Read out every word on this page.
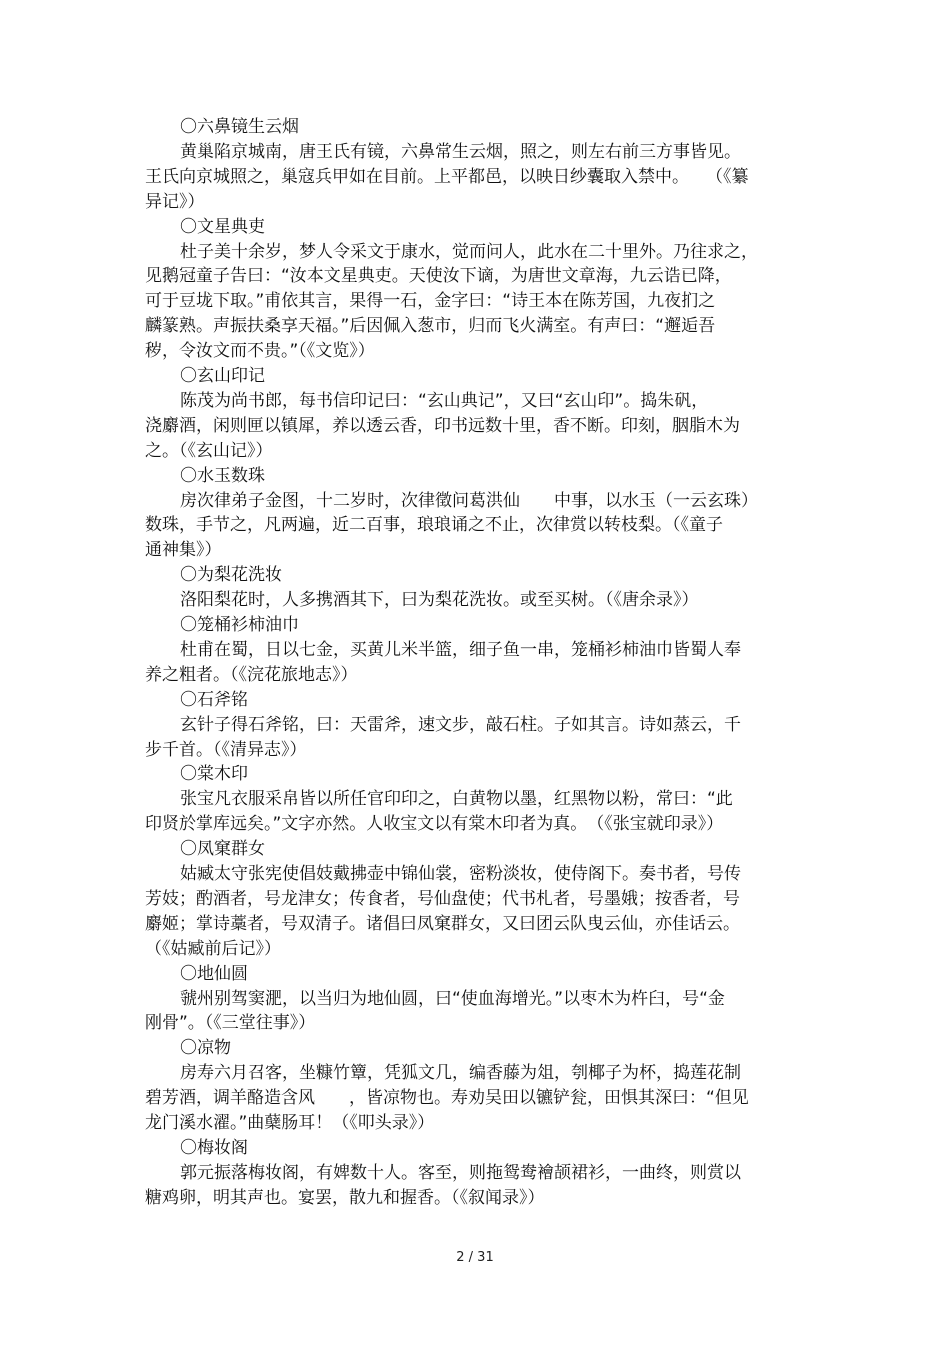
〇六鼻镜生云烟
黄巢陷京城南，唐王氏有镜，六鼻常生云烟，照之，则左右前三方事皆见。
王氏向京城照之，巢寇兵甲如在目前。上平都邑，以映日纱囊取入禁中。　　（《纂
异记》）
〇文星典吏
杜子美十余岁，梦人令采文于康水，觉而问人，此水在二十里外。乃往求之，
见鹅冠童子告曰：“汝本文星典吏。天使汝下谪，为唐世文章海，九云诰已降，
可于豆垅下取。”甫依其言，果得一石，金字曰：“诗王本在陈芳国，九夜扪之
麟篆熟。声振扶桑享天福。”后因佩入葱市，归而飞火满室。有声曰：“邂逅吾
秽，令汝文而不贵。”（《文览》）
〇玄山印记
陈茂为尚书郎，每书信印记曰：“玄山典记”，又曰“玄山印”。捣朱矾，
浇麝酒，闲则匣以镇犀，养以透云香，印书远数十里，香不断。印刻，胭脂木为
之。（《玄山记》）
〇水玉数珠
房次律弟子金图，十二岁时，次律徵问葛洪仙　　中事，以水玉（一云玄珠）
数珠，手节之，凡两遍，近二百事，琅琅诵之不止，次律赏以转枝梨。（《童子
通神集》）
〇为梨花洗妆
洛阳梨花时，人多携酒其下，曰为梨花洗妆。或至买树。（《唐余录》）
〇笼桶衫柿油巾
杜甫在蜀，日以七金，买黄儿米半篮，细子鱼一串，笼桶衫柿油巾皆蜀人奉
养之粗者。（《浣花旅地志》）
〇石斧铭
玄针子得石斧铭，曰：天雷斧，速文步，敲石柱。子如其言。诗如蒸云，千
步千首。（《清异志》）
〇棠木印
张宝凡衣服采帛皆以所任官印印之，白黄物以墨，红黑物以粉，常曰：“此
印贤於掌库远矣。”文字亦然。人收宝文以有棠木印者为真。　（《张宝就印录》）
〇凤窠群女
姑臧太守张宪使倡妓戴拂壶中锦仙裳，密粉淡妆，使侍阁下。奏书者，号传
芳妓；酌酒者，号龙津女；传食者，号仙盘使；代书札者，号墨娥；按香者，号
麝姬；掌诗藁者，号双清子。诸倡曰凤窠群女，又曰团云队曳云仙，亦佳话云。
（《姑臧前后记》）
〇地仙圆
虢州别驾窦淝，以当归为地仙圆，曰“使血海增光。”以枣木为杵臼，号“金
刚骨”。（《三堂往事》）
〇凉物
房寿六月召客，坐糠竹簟，凭狐文几，编香藤为俎，刳椰子为杯，捣莲花制
碧芳酒，调羊酪造含风　　，皆凉物也。寿劝吴田以镳铲瓮，田惧其深曰：“但见
龙门溪水濯。”曲蘖肠耳！（《叩头录》）
〇梅妆阁
郭元振落梅妆阁，有婢数十人。客至，则拖鸳鸯襘颉裙衫，一曲终，则赏以
糖鸡卵，明其声也。宴罢，散九和握香。（《叙闻录》）
2 / 31
